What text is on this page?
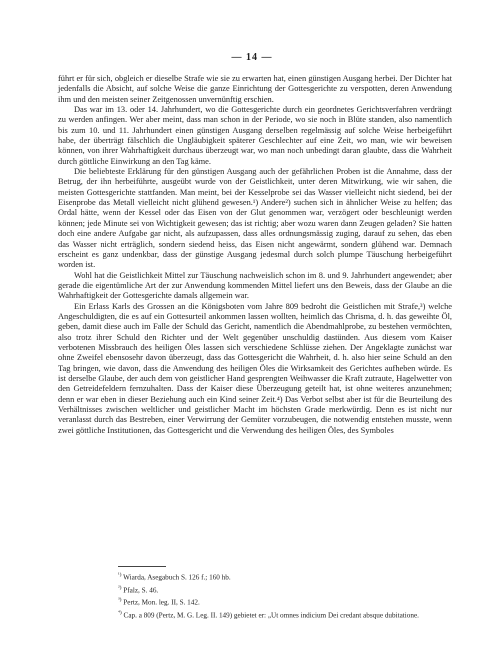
— 14 —

führt er für sich, obgleich er dieselbe Strafe wie sie zu erwarten hat, einen günstigen Ausgang herbei. Der Dichter hat jedenfalls die Absicht, auf solche Weise die ganze Einrichtung der Gottesgerichte zu verspotten, deren Anwendung ihm und den meisten seiner Zeitgenossen unvernünftig erschien.

Das war im 13. oder 14. Jahrhundert, wo die Gottesgerichte durch ein geordnetes Gerichtsverfahren verdrängt zu werden anfingen. Wer aber meint, dass man schon in der Periode, wo sie noch in Blüte standen, also namentlich bis zum 10. und 11. Jahrhundert einen günstigen Ausgang derselben regelmässig auf solche Weise herbeigeführt habe, der überträgt fälschlich die Ungläubigkeit späterer Geschlechter auf eine Zeit, wo man, wie wir beweisen können, von ihrer Wahrhaftigkeit durchaus überzeugt war, wo man noch unbedingt daran glaubte, dass die Wahrheit durch göttliche Einwirkung an den Tag käme.

Die beliebteste Erklärung für den günstigen Ausgang auch der gefährlichen Proben ist die Annahme, dass der Betrug, der ihn herbeiführte, ausgeübt wurde von der Geistlichkeit, unter deren Mitwirkung, wie wir sahen, die meisten Gottesgerichte stattfanden. Man meint, bei der Kesselprobe sei das Wasser vielleicht nicht siedend, bei der Eisenprobe das Metall vielleicht nicht glühend gewesen.¹) Andere²) suchen sich in ähnlicher Weise zu helfen; das Ordal hätte, wenn der Kessel oder das Eisen von der Glut genommen war, verzögert oder beschleunigt werden können; jede Minute sei von Wichtigkeit gewesen; das ist richtig; aber wozu waren dann Zeugen geladen? Sie hatten doch eine andere Aufgabe gar nicht, als aufzupassen, dass alles ordnungsmässig zuging, darauf zu sehen, das eben das Wasser nicht erträglich, sondern siedend heiss, das Eisen nicht angewärmt, sondern glühend war. Demnach erscheint es ganz undenkbar, dass der günstige Ausgang jedesmal durch solch plumpe Täuschung herbeigeführt worden ist.

Wohl hat die Geistlichkeit Mittel zur Täuschung nachweislich schon im 8. und 9. Jahrhundert angewendet; aber gerade die eigentümliche Art der zur Anwendung kommenden Mittel liefert uns den Beweis, dass der Glaube an die Wahrhaftigkeit der Gottesgerichte damals allgemein war.

Ein Erlass Karls des Grossen an die Königsboten vom Jahre 809 bedroht die Geistlichen mit Strafe,³) welche Angeschuldigten, die es auf ein Gottesurteil ankommen lassen wollten, heimlich das Chrisma, d. h. das geweihte Öl, geben, damit diese auch im Falle der Schuld das Gericht, namentlich die Abendmahlprobe, zu bestehen vermöchten, also trotz ihrer Schuld den Richter und der Welt gegenüber unschuldig dastünden. Aus diesem vom Kaiser verbotenen Missbrauch des heiligen Öles lassen sich verschiedene Schlüsse ziehen. Der Angeklagte zunächst war ohne Zweifel ebensosehr davon überzeugt, dass das Gottesgericht die Wahrheit, d. h. also hier seine Schuld an den Tag bringen, wie davon, dass die Anwendung des heiligen Öles die Wirksamkeit des Gerichtes aufheben würde. Es ist derselbe Glaube, der auch dem von geistlicher Hand gesprengten Weihwasser die Kraft zutraute, Hagelwetter von den Getreidefeldern fernzuhalten. Dass der Kaiser diese Überzeugung geteilt hat, ist ohne weiteres anzunehmen; denn er war eben in dieser Beziehung auch ein Kind seiner Zeit.⁴) Das Verbot selbst aber ist für die Beurteilung des Verhältnisses zwischen weltlicher und geistlicher Macht im höchsten Grade merkwürdig. Denn es ist nicht nur veranlasst durch das Bestreben, einer Verwirrung der Gemüter vorzubeugen, die notwendig entstehen musste, wenn zwei göttliche Institutionen, das Gottesgericht und die Verwendung des heiligen Öles, des Symboles

$^{^1)}$ Wiarda, Asegabuch S. 126 f.; 160 hb.
$^{^2)}$ Pfalz, S. 46.
$^{^3)}$ Pertz, Mon. leg. II, S. 142.
$^{^4)}$ Cap. a 809 (Pertz, M. G. Leg. II. 149) gebietet er: „Ut omnes indicium Dei credant absque dubitatione.
